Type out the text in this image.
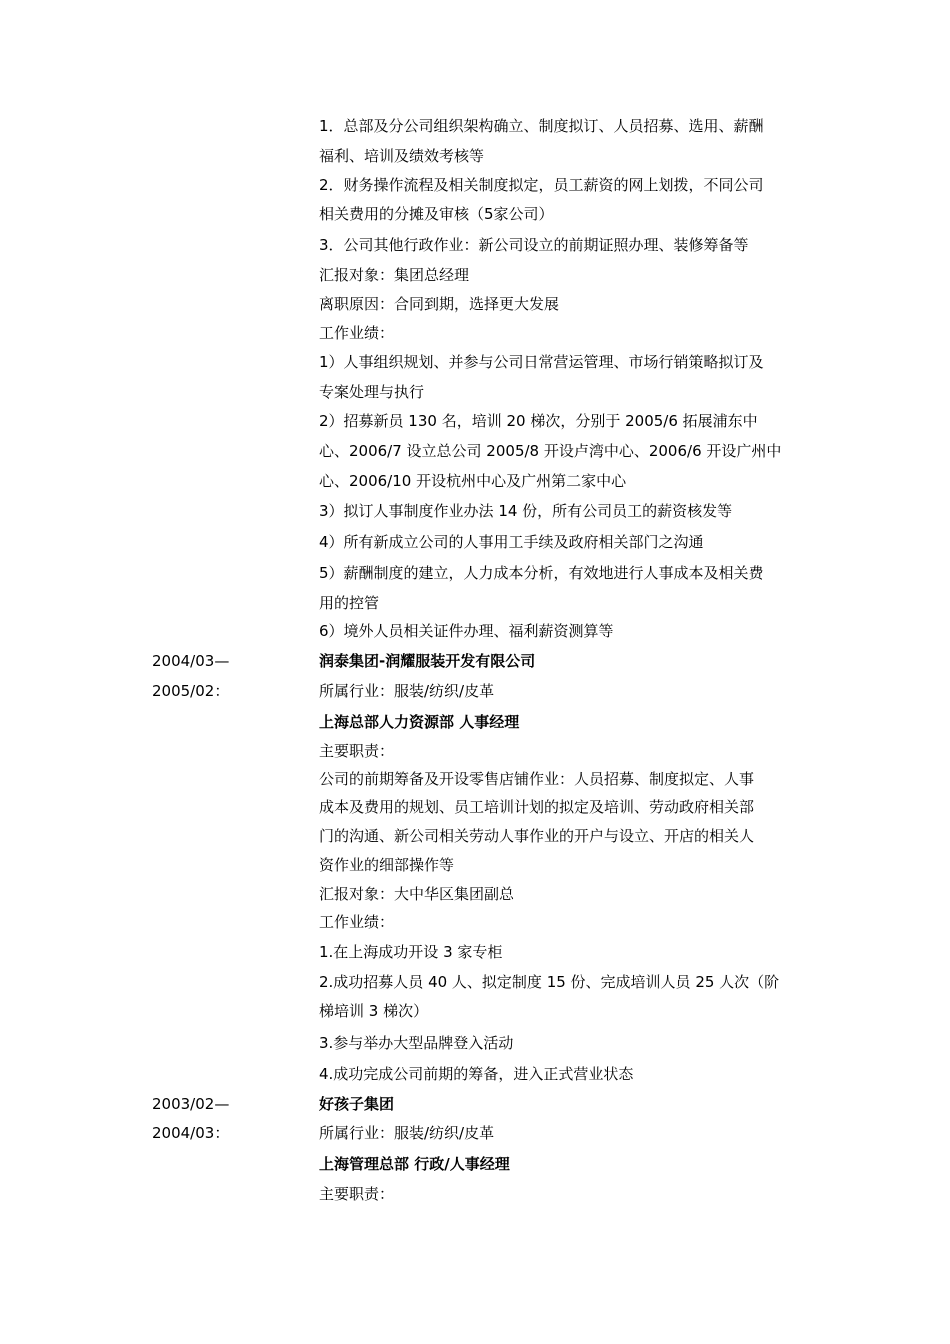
1．总部及分公司组织架构确立、制度拟订、人员招募、选用、薪酬
福利、培训及绩效考核等
2．财务操作流程及相关制度拟定，员工薪资的网上划拨，不同公司
相关费用的分摊及审核（5家公司）
3．公司其他行政作业：新公司设立的前期证照办理、装修筹备等
汇报对象：集团总经理
离职原因：合同到期，选择更大发展
工作业绩：
1）人事组织规划、并参与公司日常营运管理、市场行销策略拟订及
专案处理与执行
2）招募新员 130 名，培训 20 梯次，分别于 2005/6 拓展浦东中
心、2006/7 设立总公司 2005/8 开设卢湾中心、2006/6 开设广州中
心、2006/10 开设杭州中心及广州第二家中心
3）拟订人事制度作业办法 14 份，所有公司员工的薪资核发等
4）所有新成立公司的人事用工手续及政府相关部门之沟通
5）薪酬制度的建立，人力成本分析，有效地进行人事成本及相关费
用的控管
6）境外人员相关证件办理、福利薪资测算等
2004/03—	润泰集团-润耀服装开发有限公司
2005/02：	所属行业：服装/纺织/皮革
上海总部人力资源部 人事经理
主要职责：
公司的前期筹备及开设零售店铺作业：人员招募、制度拟定、人事
成本及费用的规划、员工培训计划的拟定及培训、劳动政府相关部
门的沟通、新公司相关劳动人事作业的开户与设立、开店的相关人
资作业的细部操作等
汇报对象：大中华区集团副总
工作业绩：
1.在上海成功开设 3 家专柜
2.成功招募人员 40 人、拟定制度 15 份、完成培训人员 25 人次（阶
梯培训 3 梯次）
3.参与举办大型品牌登入活动
4.成功完成公司前期的筹备，进入正式营业状态
2003/02—	好孩子集团
2004/03：	所属行业：服装/纺织/皮革
上海管理总部 行政/人事经理
主要职责：
